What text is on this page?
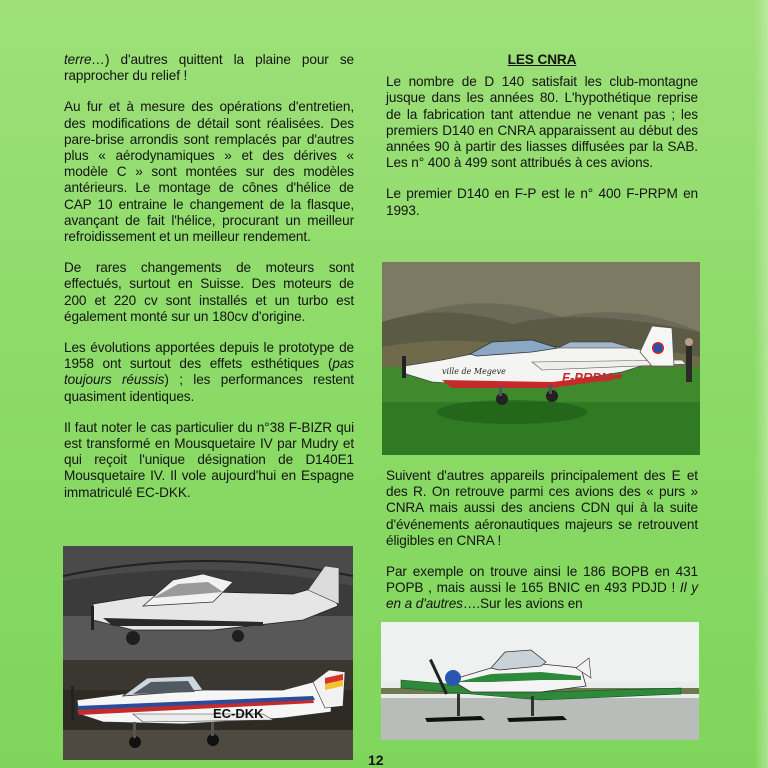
terre…) d'autres quittent la plaine pour se rapprocher du relief !

Au fur et à mesure des opérations d'entretien, des modifications de détail sont réalisées. Des pare-brise arrondis sont remplacés par d'autres plus « aérodynamiques » et des dérives « modèle C » sont montées sur des modèles antérieurs. Le montage de cônes d'hélice de CAP 10 entraine le changement de la flasque, avançant de fait l'hélice, procurant un meilleur refroidissement et un meilleur rendement.

De rares changements de moteurs sont effectués, surtout en Suisse. Des moteurs de 200 et 220 cv sont installés et un turbo est également monté sur un 180cv d'origine.

Les évolutions apportées depuis le prototype de 1958 ont surtout des effets esthétiques (pas toujours réussis) ; les performances restent quasiment identiques.

Il faut noter le cas particulier du n°38 F-BIZR qui est transformé en Mousquetaire IV par Mudry et qui reçoit l'unique désignation de D140E1 Mousquetaire IV. Il vole aujourd'hui en Espagne immatriculé EC-DKK.

LES CNRA

Le nombre de D 140 satisfait les club-montagne jusque dans les années 80. L'hypothétique reprise de la fabrication tant attendue ne venant pas ; les premiers D140 en CNRA apparaissent au début des années 90 à partir des liasses diffusées par la SAB. Les n° 400 à 499 sont attribués à ces avions.

Le premier D140 en F-P est le n° 400 F-PRPM en 1993.

Suivent d'autres appareils principalement des E et des R. On retrouve parmi ces avions des « purs » CNRA mais aussi des anciens CDN qui à la suite d'événements aéronautiques majeurs se retrouvent éligibles en CNRA !

Par exemple on trouve ainsi le 186 BOPB en 431 POPB , mais aussi le 165 BNIC en 493 PDJD ! Il y en a d'autres….Sur les avions en

ville de Megeve	F-PRPM
EC-DKK
12
